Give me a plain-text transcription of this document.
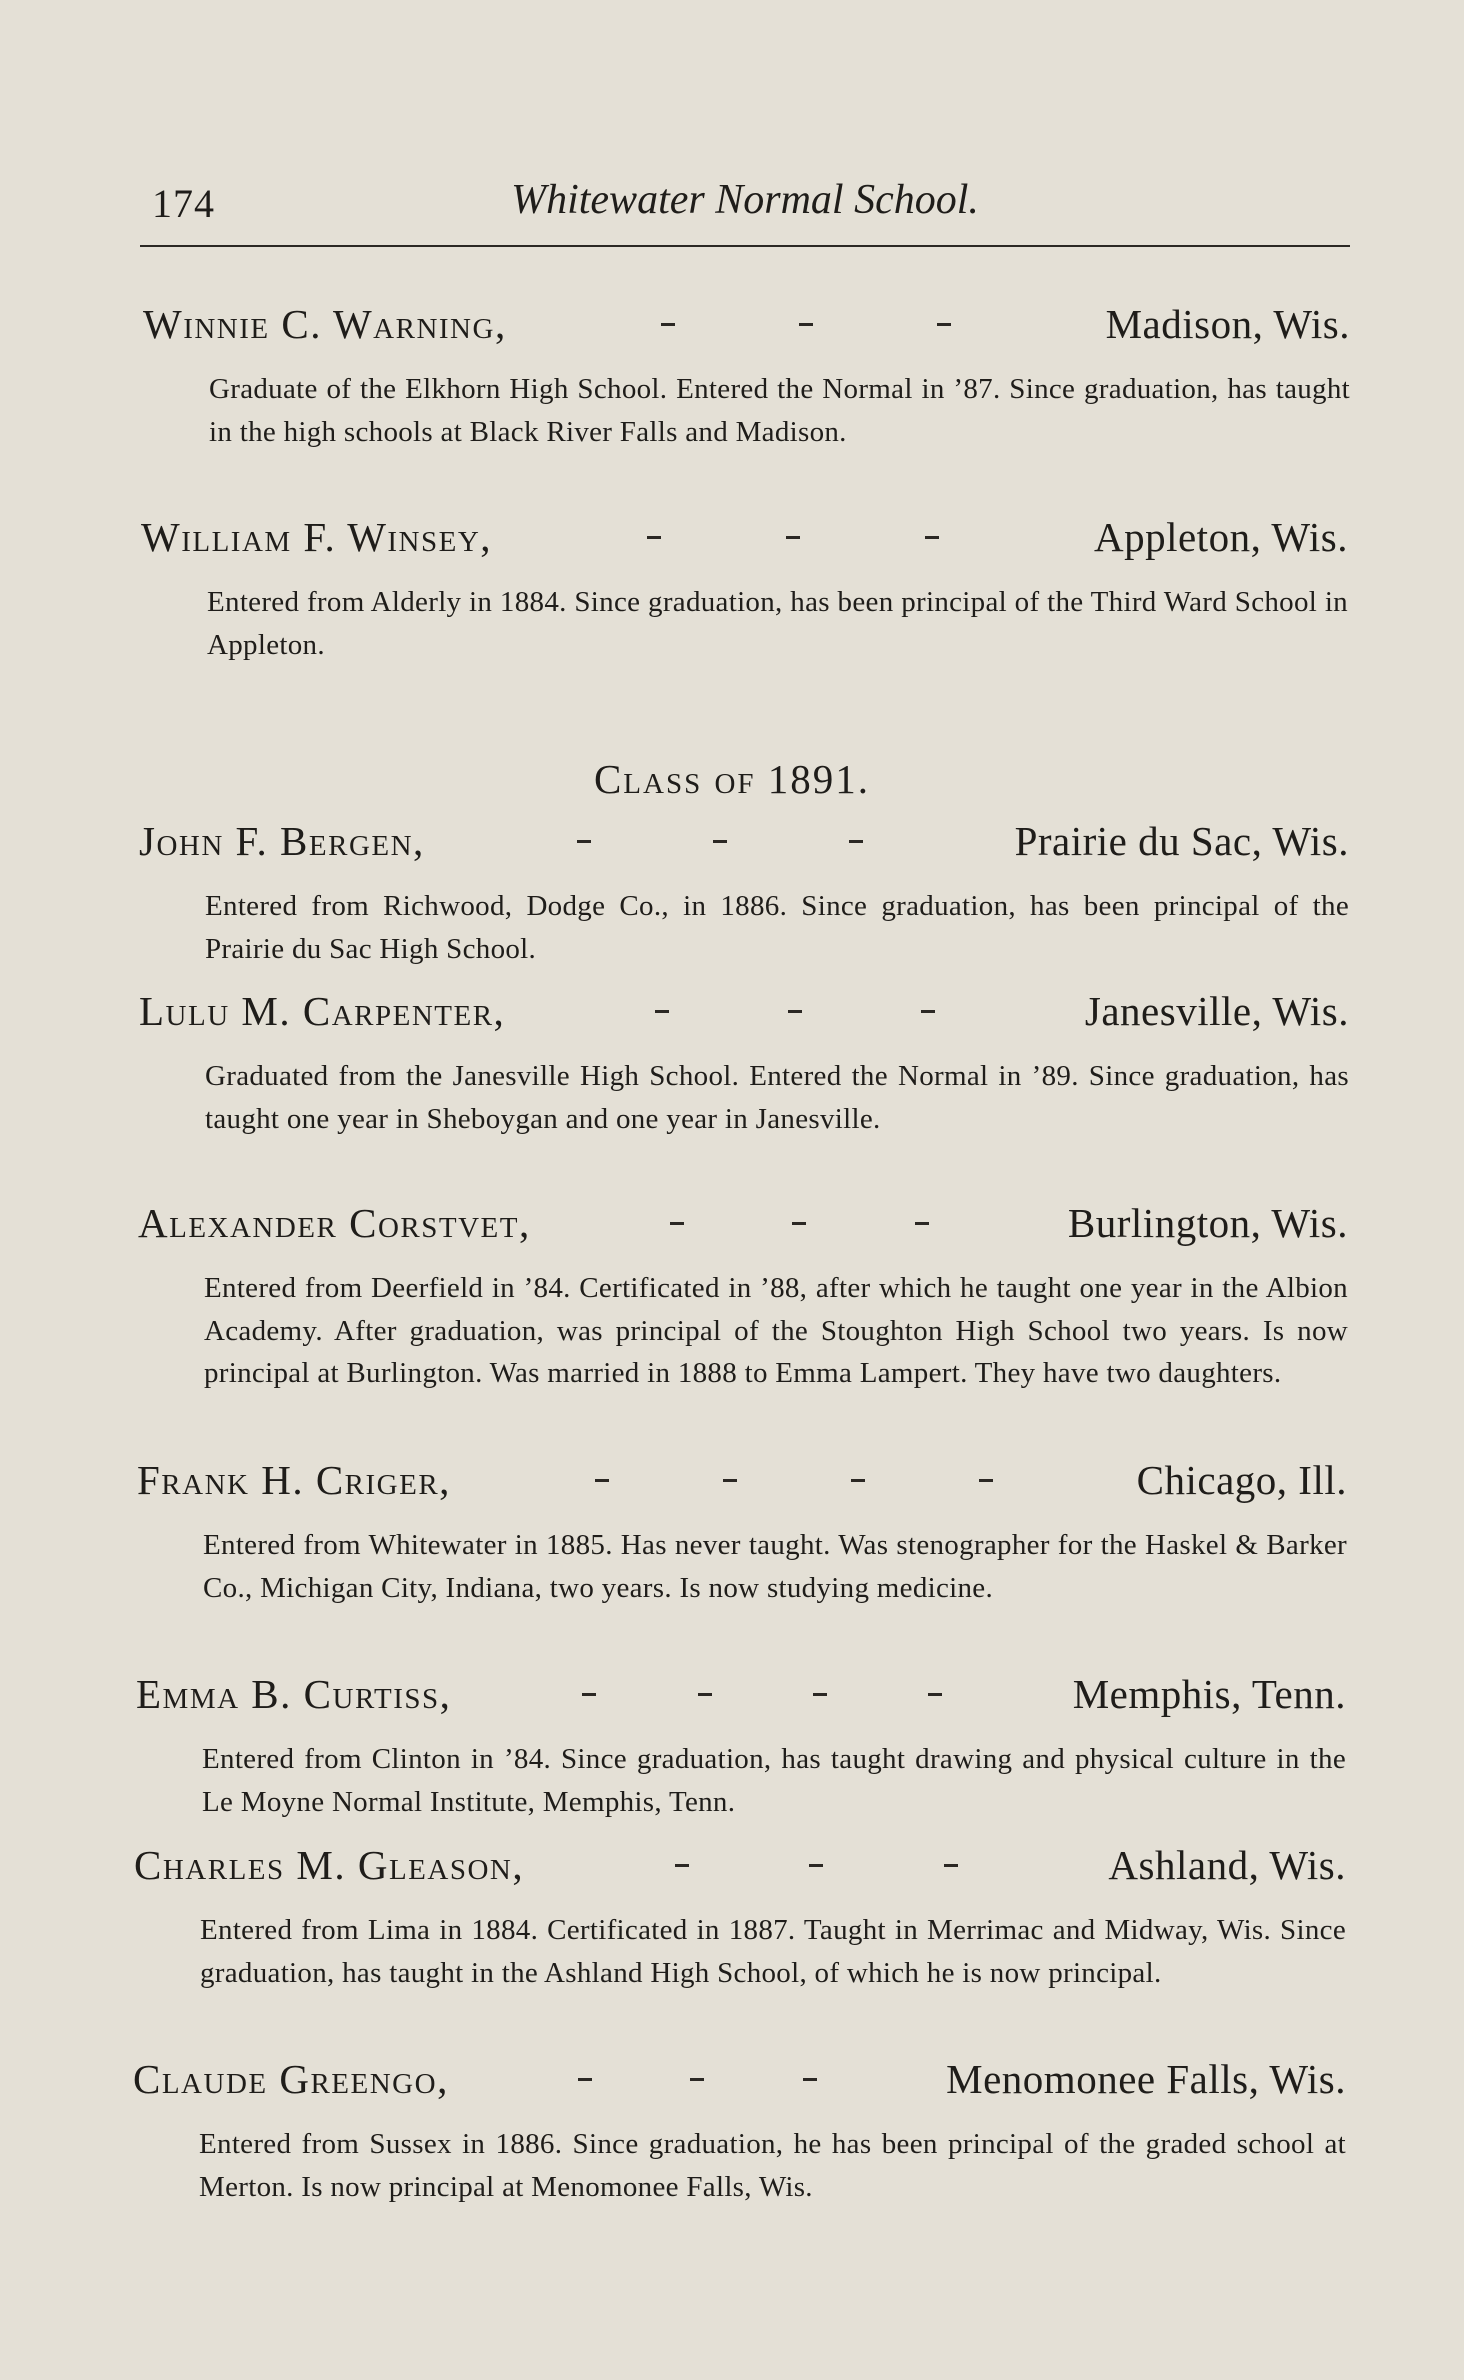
174	Whitewater Normal School.
Winnie C. Warning,	Madison, Wis.
Graduate of the Elkhorn High School. Entered the Normal in ’87. Since graduation, has taught in the high schools at Black River Falls and Madison.
William F. Winsey,	Appleton, Wis.
Entered from Alderly in 1884. Since graduation, has been principal of the Third Ward School in Appleton.
Class of 1891.
John F. Bergen,	Prairie du Sac, Wis.
Entered from Richwood, Dodge Co., in 1886. Since graduation, has been principal of the Prairie du Sac High School.
Lulu M. Carpenter,	Janesville, Wis.
Graduated from the Janesville High School. Entered the Normal in ’89. Since graduation, has taught one year in Sheboygan and one year in Janesville.
Alexander Corstvet,	Burlington, Wis.
Entered from Deerfield in ’84. Certificated in ’88, after which he taught one year in the Albion Academy. After graduation, was principal of the Stoughton High School two years. Is now principal at Burlington. Was married in 1888 to Emma Lampert. They have two daughters.
Frank H. Criger,	Chicago, Ill.
Entered from Whitewater in 1885. Has never taught. Was stenographer for the Haskel & Barker Co., Michigan City, Indiana, two years. Is now studying medicine.
Emma B. Curtiss,	Memphis, Tenn.
Entered from Clinton in ’84. Since graduation, has taught drawing and physical culture in the Le Moyne Normal Institute, Memphis, Tenn.
Charles M. Gleason,	Ashland, Wis.
Entered from Lima in 1884. Certificated in 1887. Taught in Merrimac and Midway, Wis. Since graduation, has taught in the Ashland High School, of which he is now principal.
Claude Greengo,	Menomonee Falls, Wis.
Entered from Sussex in 1886. Since graduation, he has been principal of the graded school at Merton. Is now principal at Menomonee Falls, Wis.
